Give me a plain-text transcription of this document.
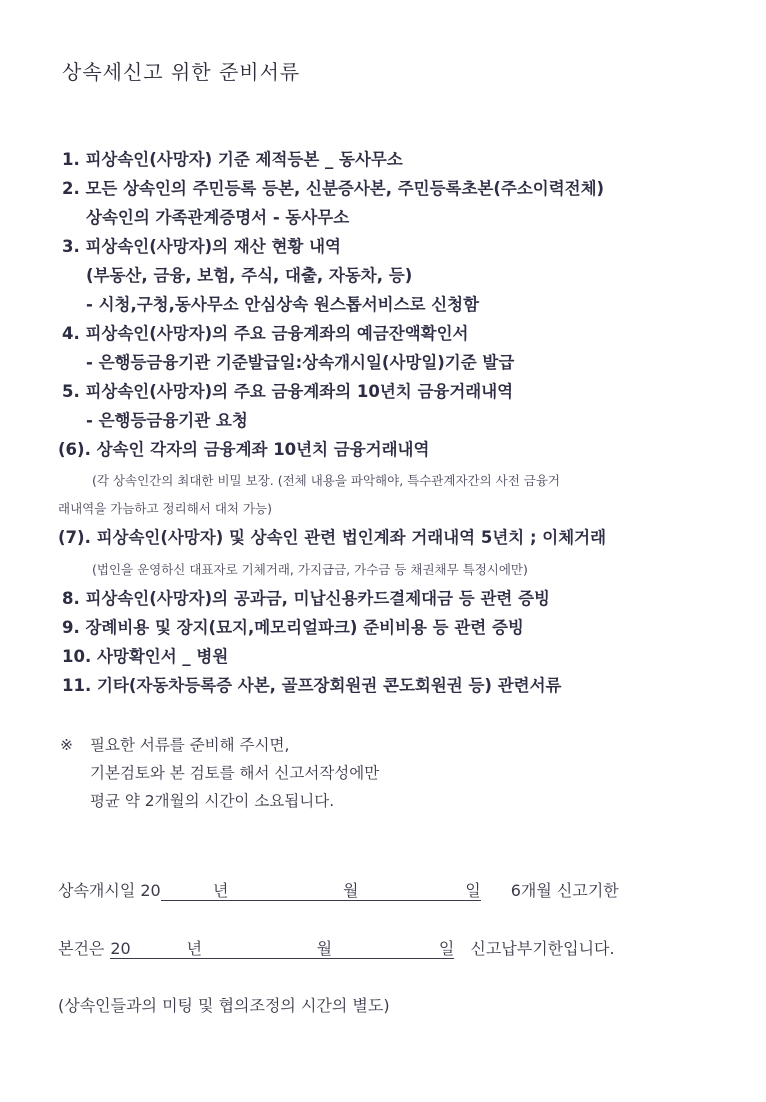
상속세신고 위한 준비서류
1. 피상속인(사망자) 기준 제적등본 _ 동사무소
2. 모든 상속인의 주민등록 등본, 신분증사본, 주민등록초본(주소이력전체)
상속인의 가족관계증명서 - 동사무소
3. 피상속인(사망자)의 재산 현황 내역
(부동산, 금융, 보험, 주식, 대출, 자동차, 등)
- 시청,구청,동사무소 안심상속 원스톱서비스로 신청함
4. 피상속인(사망자)의 주요 금융계좌의 예금잔액확인서
- 은행등금융기관 기준발급일:상속개시일(사망일)기준 발급
5. 피상속인(사망자)의 주요 금융계좌의 10년치 금융거래내역
- 은행등금융기관 요청
(6). 상속인 각자의 금융계좌 10년치 금융거래내역
(각 상속인간의 최대한 비밀 보장. (전체 내용을 파악해야, 특수관계자간의 사전 금융거
래내역을 가늠하고 정리해서 대처 가능)
(7). 피상속인(사망자) 및 상속인 관련 법인계좌 거래내역 5년치 ; 이체거래
(법인을 운영하신 대표자로 기체거래, 가지급금, 가수금 등 채권채무 특정시에만)
8. 피상속인(사망자)의 공과금, 미납신용카드결제대금 등 관련 증빙
9. 장례비용 및 장지(묘지,메모리얼파크) 준비비용 등 관련 증빙
10. 사망확인서 _ 병원
11. 기타(자동차등록증 사본, 골프장회원권 콘도회원권 등) 관련서류
※ 필요한 서류를 준비해 주시면,
기본검토와 본 검토를 해서 신고서작성에만
평균 약 2개월의 시간이 소요됩니다.
상속개시일 20	년	월	일 6개월 신고기한
본건은 20	년	월	일 신고납부기한입니다.
(상속인들과의 미팅 및 협의조정의 시간의 별도)
